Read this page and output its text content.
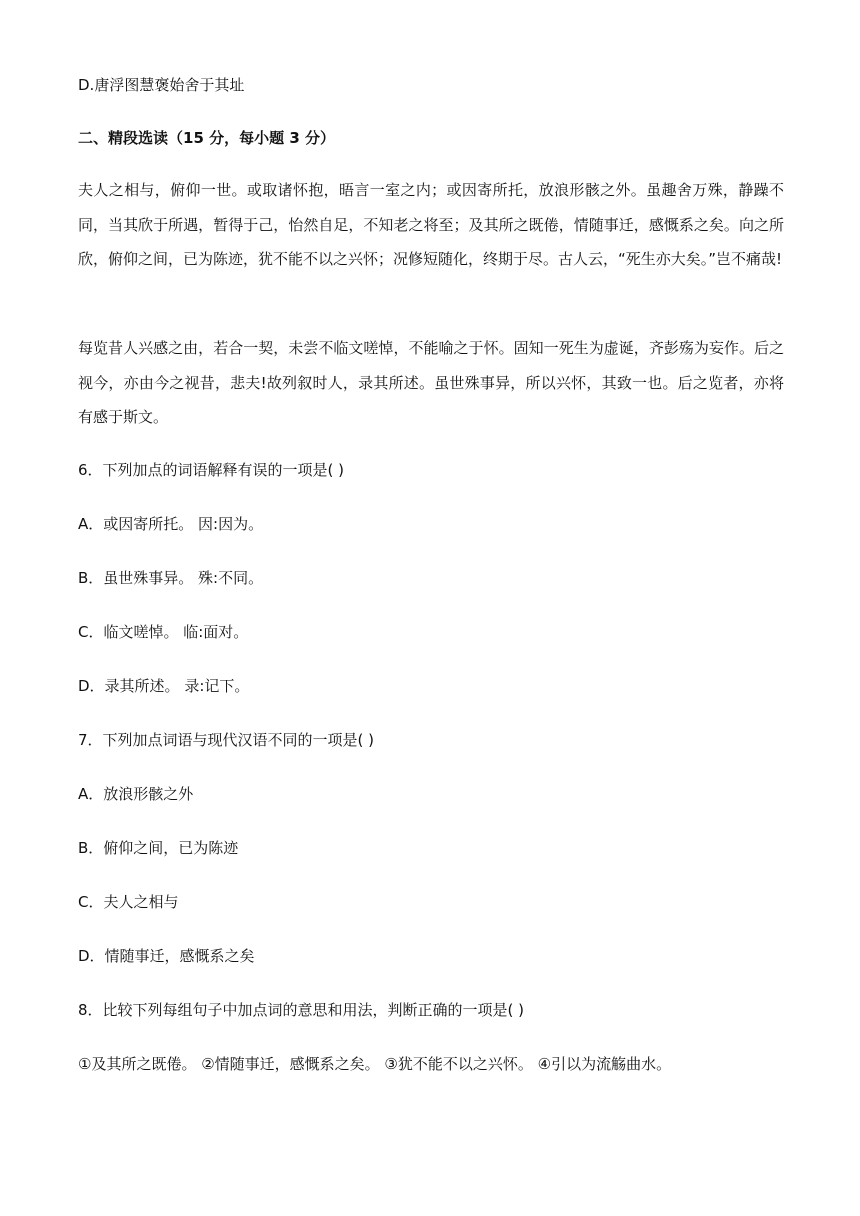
D.唐浮图慧褒始舍于其址
二、精段选读（15 分，每小题 3 分）
夫人之相与，俯仰一世。或取诸怀抱，晤言一室之内；或因寄所托，放浪形骸之外。虽趣舍万殊，静躁不同，当其欣于所遇，暂得于己，怡然自足，不知老之将至；及其所之既倦，情随事迁，感慨系之矣。向之所欣，俯仰之间，已为陈迹，犹不能不以之兴怀；况修短随化，终期于尽。古人云，“死生亦大矣。”岂不痛哉!
每览昔人兴感之由，若合一契，未尝不临文嗟悼，不能喻之于怀。固知一死生为虚诞，齐彭殇为妄作。后之视今，亦由今之视昔，悲夫!故列叙时人，录其所述。虽世殊事异，所以兴怀，其致一也。后之览者，亦将有感于斯文。
6．下列加点的词语解释有误的一项是( )
A．或因寄所托。 因:因为。
B．虽世殊事异。 殊:不同。
C．临文嗟悼。 临:面对。
D．录其所述。 录:记下。
7．下列加点词语与现代汉语不同的一项是( )
A．放浪形骸之外
B．俯仰之间，已为陈迹
C．夫人之相与
D．情随事迁，感慨系之矣
8．比较下列每组句子中加点词的意思和用法，判断正确的一项是( )
①及其所之既倦。 ②情随事迁，感慨系之矣。 ③犹不能不以之兴怀。 ④引以为流觞曲水。
